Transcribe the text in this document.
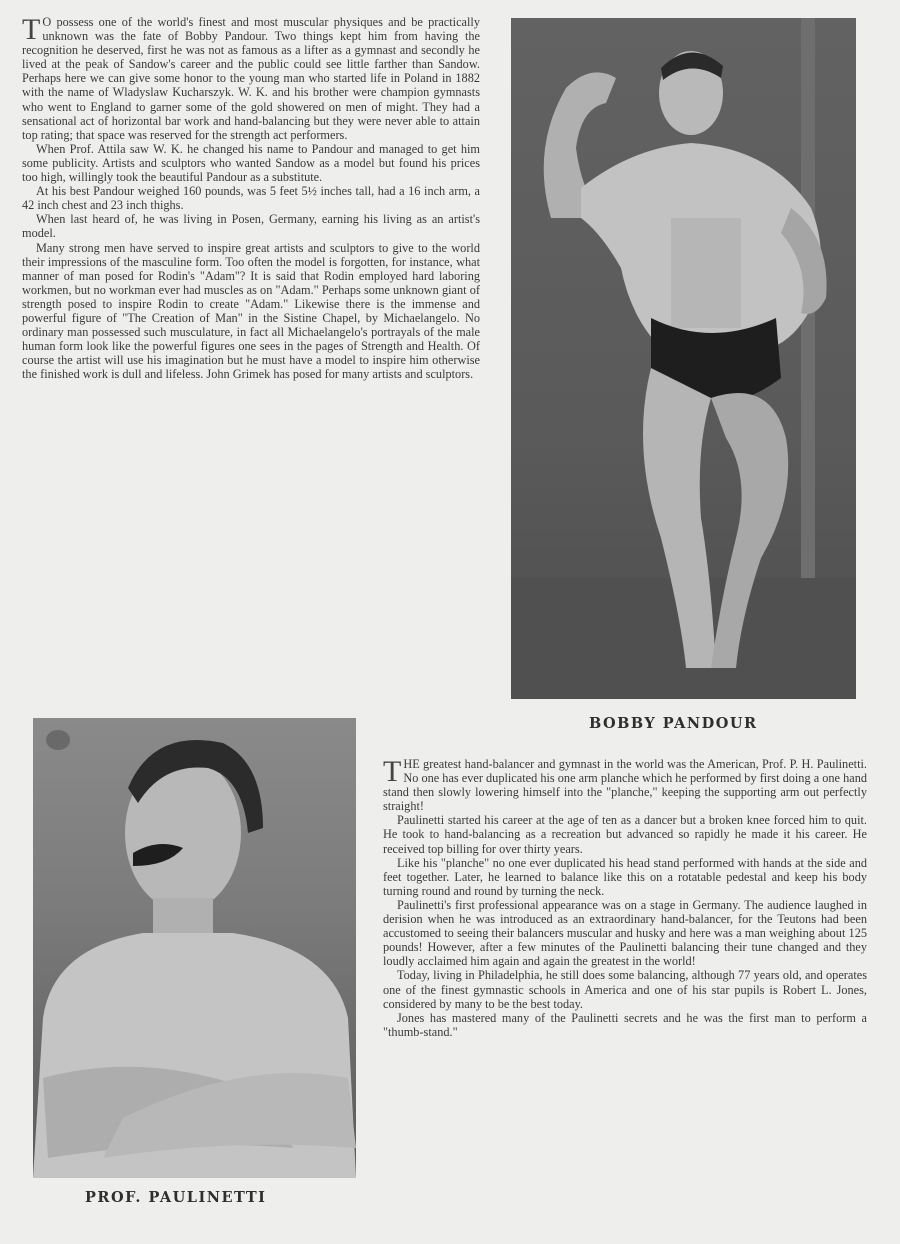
T O possess one of the world's finest and most muscular physiques and be practically unknown was the fate of Bobby Pandour. Two things kept him from having the recognition he deserved, first he was not as famous as a lifter as a gymnast and secondly he lived at the peak of Sandow's career and the public could see little farther than Sandow. Perhaps here we can give some honor to the young man who started life in Poland in 1882 with the name of Wladyslaw Kucharszyk. W. K. and his brother were champion gymnasts who went to England to garner some of the gold showered on men of might. They had a sensational act of horizontal bar work and hand-balancing but they were never able to attain top rating; that space was reserved for the strength act performers.

When Prof. Attila saw W. K. he changed his name to Pandour and managed to get him some publicity. Artists and sculptors who wanted Sandow as a model but found his prices too high, willingly took the beautiful Pandour as a substitute.

At his best Pandour weighed 160 pounds, was 5 feet 5½ inches tall, had a 16 inch arm, a 42 inch chest and 23 inch thighs.

When last heard of, he was living in Posen, Germany, earning his living as an artist's model.

Many strong men have served to inspire great artists and sculptors to give to the world their impressions of the masculine form. Too often the model is forgotten, for instance, what manner of man posed for Rodin's "Adam"? It is said that Rodin employed hard laboring workmen, but no workman ever had muscles as on "Adam." Perhaps some unknown giant of strength posed to inspire Rodin to create "Adam." Likewise there is the immense and powerful figure of "The Creation of Man" in the Sistine Chapel, by Michaelangelo. No ordinary man possessed such musculature, in fact all Michaelangelo's portrayals of the male human form look like the powerful figures one sees in the pages of Strength and Health. Of course the artist will use his imagination but he must have a model to inspire him otherwise the finished work is dull and lifeless. John Grimek has posed for many artists and sculptors.

BOBBY PANDOUR
PROF. PAULINETTI

THE greatest hand-balancer and gymnast in the world was the American, Prof. P. H. Paulinetti. No one has ever duplicated his one arm planche which he performed by first doing a one hand stand then slowly lowering himself into the "planche," keeping the supporting arm out perfectly straight!

Paulinetti started his career at the age of ten as a dancer but a broken knee forced him to quit. He took to hand-balancing as a recreation but advanced so rapidly he made it his career. He received top billing for over thirty years.

Like his "planche" no one ever duplicated his head stand performed with hands at the side and feet together. Later, he learned to balance like this on a rotatable pedestal and keep his body turning round and round by turning the neck.

Paulinetti's first professional appearance was on a stage in Germany. The audience laughed in derision when he was introduced as an extraordinary hand-balancer, for the Teutons had been accustomed to seeing their balancers muscular and husky and here was a man weighing about 125 pounds! However, after a few minutes of the Paulinetti balancing their tune changed and they loudly acclaimed him again and again the greatest in the world!

Today, living in Philadelphia, he still does some balancing, although 77 years old, and operates one of the finest gymnastic schools in America and one of his star pupils is Robert L. Jones, considered by many to be the best today.

Jones has mastered many of the Paulinetti secrets and he was the first man to perform a "thumb-stand."
